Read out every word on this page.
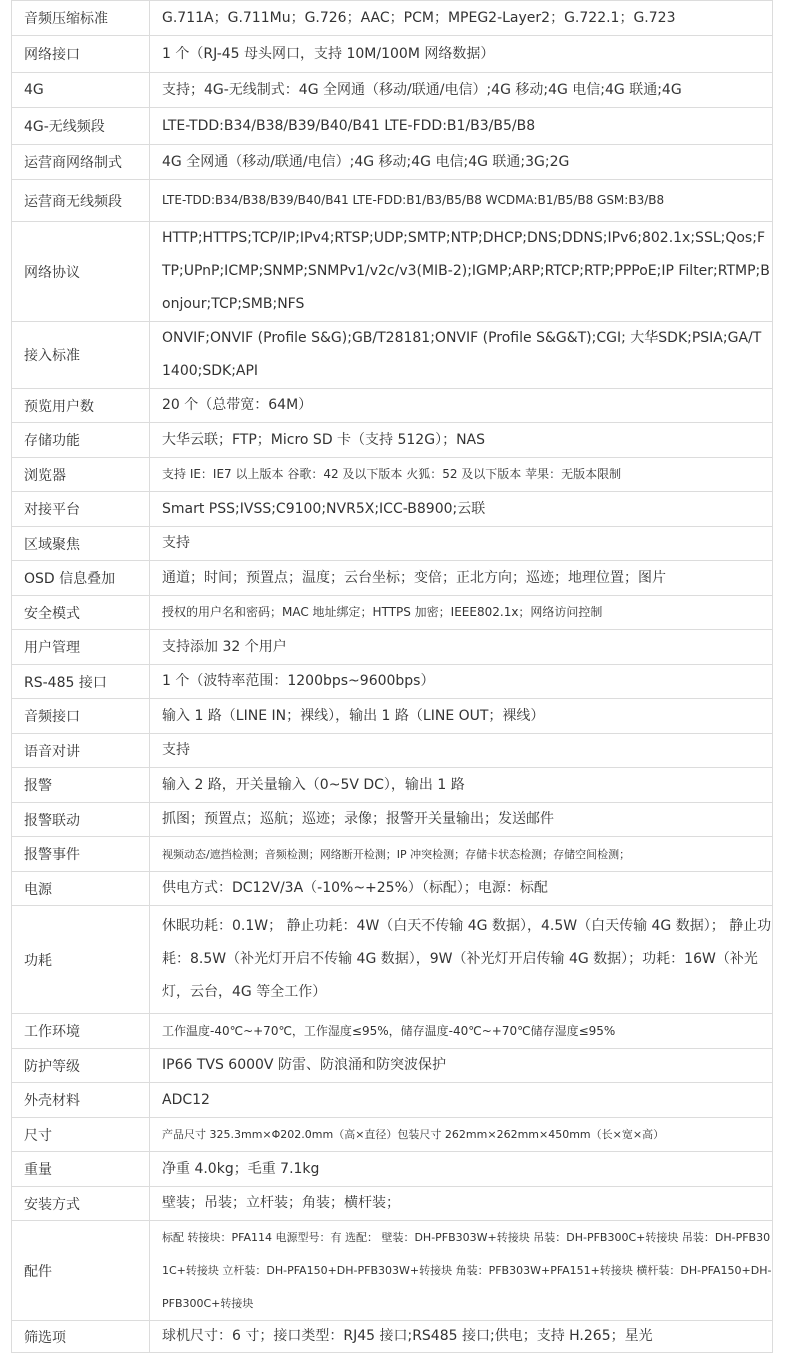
音频压缩标准	G.711A；G.711Mu；G.726；AAC；PCM；MPEG2-Layer2；G.722.1；G.723
网络接口	1 个（RJ-45 母头网口，支持 10M/100M 网络数据）
4G	支持；4G-无线制式：4G 全网通（移动/联通/电信）;4G 移动;4G 电信;4G 联通;4G
4G-无线频段	LTE-TDD:B34/B38/B39/B40/B41 LTE-FDD:B1/B3/B5/B8
运营商网络制式	4G 全网通（移动/联通/电信）;4G 移动;4G 电信;4G 联通;3G;2G
运营商无线频段	LTE-TDD:B34/B38/B39/B40/B41 LTE-FDD:B1/B3/B5/B8 WCDMA:B1/B5/B8 GSM:B3/B8
网络协议	HTTP;HTTPS;TCP/IP;IPv4;RTSP;UDP;SMTP;NTP;DHCP;DNS;DDNS;IPv6;802.1x;SSL;Qos;FTP;UPnP;ICMP;SNMP;SNMPv1/v2c/v3(MIB-2);IGMP;ARP;RTCP;RTP;PPPoE;IP Filter;RTMP;Bonjour;TCP;SMB;NFS
接入标准	ONVIF;ONVIF (Profile S&G);GB/T28181;ONVIF (Profile S&G&T);CGI; 大华SDK;PSIA;GA/T 1400;SDK;API
预览用户数	20 个（总带宽：64M）
存储功能	大华云联；FTP；Micro SD 卡（支持 512G）；NAS
浏览器	支持 IE：IE7 以上版本 谷歌：42 及以下版本 火狐：52 及以下版本 苹果：无版本限制
对接平台	Smart PSS;IVSS;C9100;NVR5X;ICC-B8900;云联
区域聚焦	支持
OSD 信息叠加	通道；时间；预置点；温度；云台坐标；变倍；正北方向；巡迹；地理位置；图片
安全模式	授权的用户名和密码；MAC 地址绑定；HTTPS 加密；IEEE802.1x；网络访问控制
用户管理	支持添加 32 个用户
RS-485 接口	1 个（波特率范围：1200bps~9600bps）
音频接口	输入 1 路（LINE IN；裸线），输出 1 路（LINE OUT；裸线）
语音对讲	支持
报警	输入 2 路，开关量输入（0~5V DC），输出 1 路
报警联动	抓图；预置点；巡航；巡迹；录像；报警开关量输出；发送邮件
报警事件	视频动态/遮挡检测；音频检测；网络断开检测；IP 冲突检测；存储卡状态检测；存储空间检测；
电源	供电方式：DC12V/3A（-10%~+25%）（标配）；电源：标配
功耗	休眠功耗：0.1W； 静止功耗：4W（白天不传输 4G 数据），4.5W（白天传输 4G 数据）； 静止功耗：8.5W（补光灯开启不传输 4G 数据），9W（补光灯开启传输 4G 数据）；功耗：16W（补光灯，云台，4G 等全工作）
工作环境	工作温度-40℃~+70℃，工作湿度≤95%，储存温度-40℃~+70℃储存湿度≤95%
防护等级	IP66 TVS 6000V 防雷、防浪涌和防突波保护
外壳材料	ADC12
尺寸	产品尺寸 325.3mm×Φ202.0mm（高×直径）包装尺寸 262mm×262mm×450mm（长×宽×高）
重量	净重 4.0kg；毛重 7.1kg
安装方式	壁装；吊装；立杆装；角装；横杆装；
配件	标配 转接块：PFA114 电源型号：有 选配： 壁装：DH-PFB303W+转接块 吊装：DH-PFB300C+转接块 吊装：DH-PFB301C+转接块 立杆装：DH-PFA150+DH-PFB303W+转接块 角装：PFB303W+PFA151+转接块 横杆装：DH-PFA150+DH-PFB300C+转接块
筛选项	球机尺寸：6 寸；接口类型：RJ45 接口;RS485 接口;供电；支持 H.265；星光
